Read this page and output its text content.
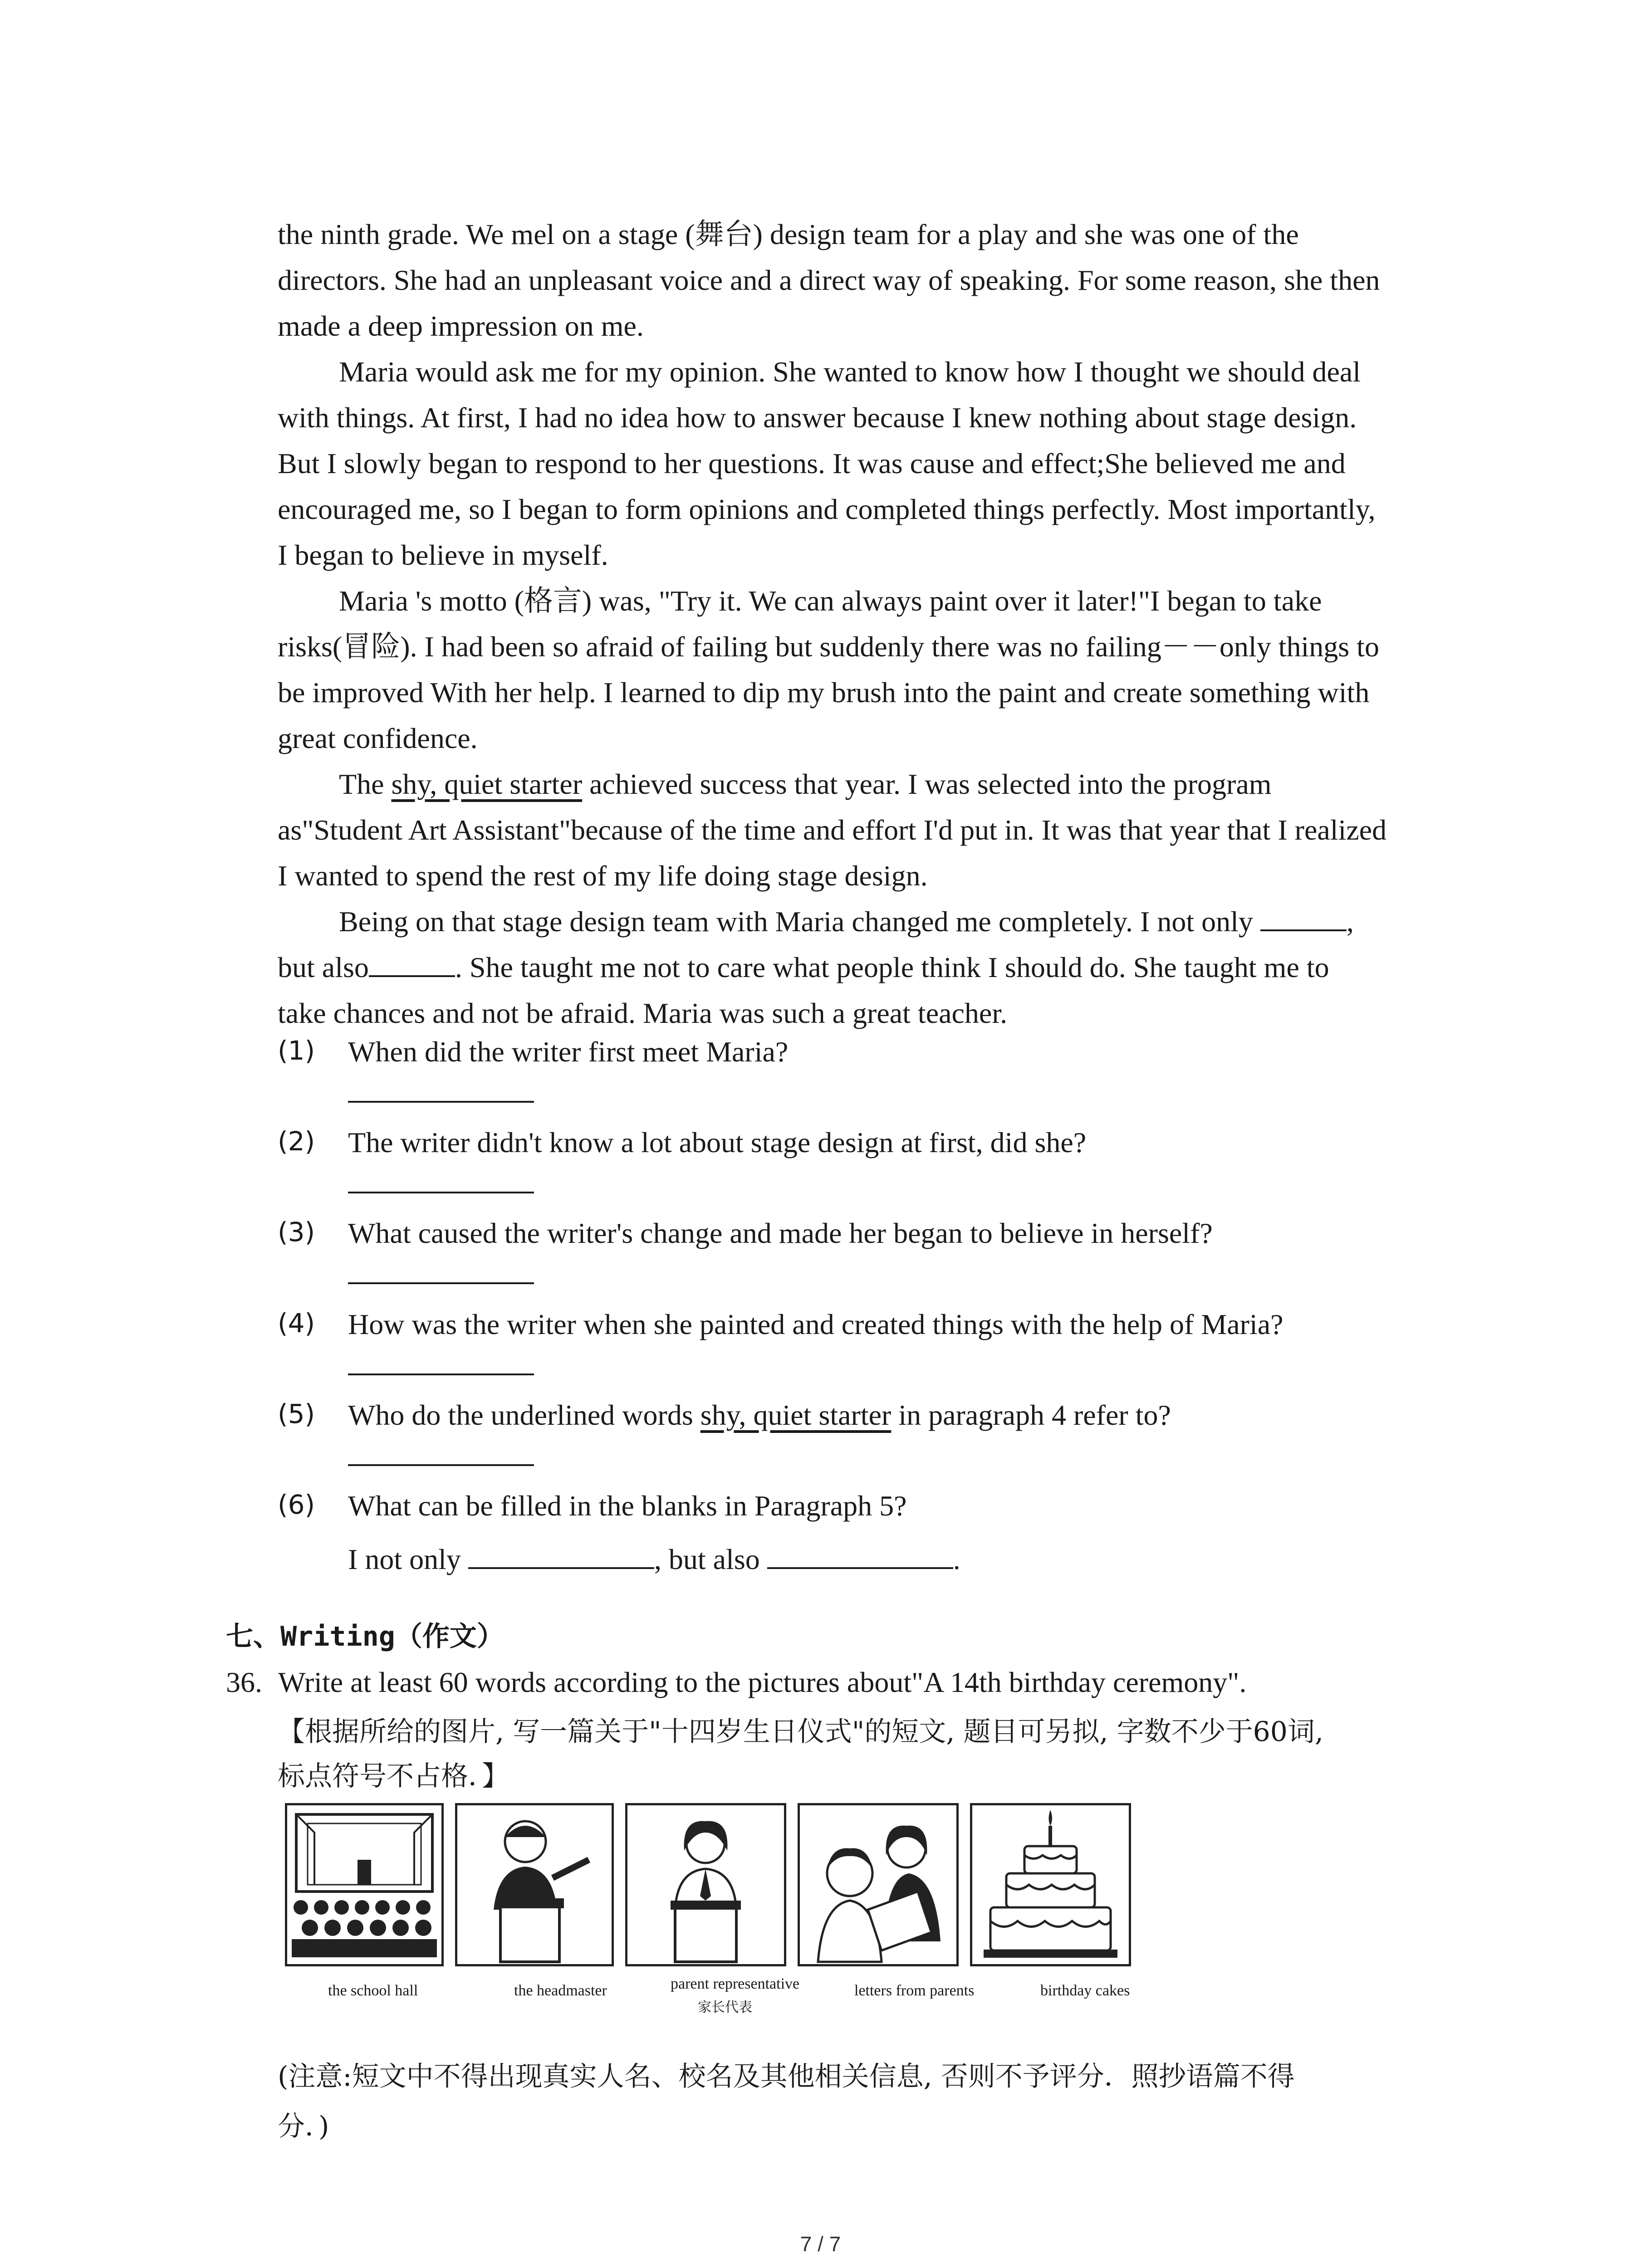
the ninth grade. We mel on a stage (舞台) design team for a play and she was one of the
directors. She had an unpleasant voice and a direct way of speaking. For some reason, she then
made a deep impression on me.
Maria would ask me for my opinion. She wanted to know how I thought we should deal
with things. At first, I had no idea how to answer because I knew nothing about stage design.
But I slowly began to respond to her questions. It was cause and effect;She believed me and
encouraged me, so I began to form opinions and completed things perfectly. Most importantly,
I began to believe in myself.
Maria 's motto (格言) was, "Try it. We can always paint over it later!"I began to take
risks(冒险). I had been so afraid of failing but suddenly there was no failing－－only things to
be improved With her help. I learned to dip my brush into the paint and create something with
great confidence.
The shy, quiet starter achieved success that year. I was selected into the program
as"Student Art Assistant"because of the time and effort I'd put in. It was that year that I realized
I wanted to spend the rest of my life doing stage design.
Being on that stage design team with Maria changed me completely. I not only	,
but also	. She taught me not to care what people think I should do. She taught me to
take chances and not be afraid. Maria was such a great teacher.
(1) When did the writer first meet Maria?
(2) The writer didn't know a lot about stage design at first, did she?
(3) What caused the writer's change and made her began to believe in herself?
(4) How was the writer when she painted and created things with the help of Maria?
(5) Who do the underlined words shy, quiet starter in paragraph 4 refer to?
(6) What can be filled in the blanks in Paragraph 5?
I not only	, but also	.
七、Writing（作文）
36. Write at least 60 words according to the pictures about"A 14th birthday ceremony".
【根据所给的图片, 写一篇关于"十四岁生日仪式"的短文, 题目可另拟, 字数不少于60词,
标点符号不占格．】
the school hall	the headmaster	parent representative
家长代表
letters from parents	birthday cakes
(注意:短文中不得出现真实人名、校名及其他相关信息, 否则不予评分．照抄语篇不得
分．)
7 / 7
